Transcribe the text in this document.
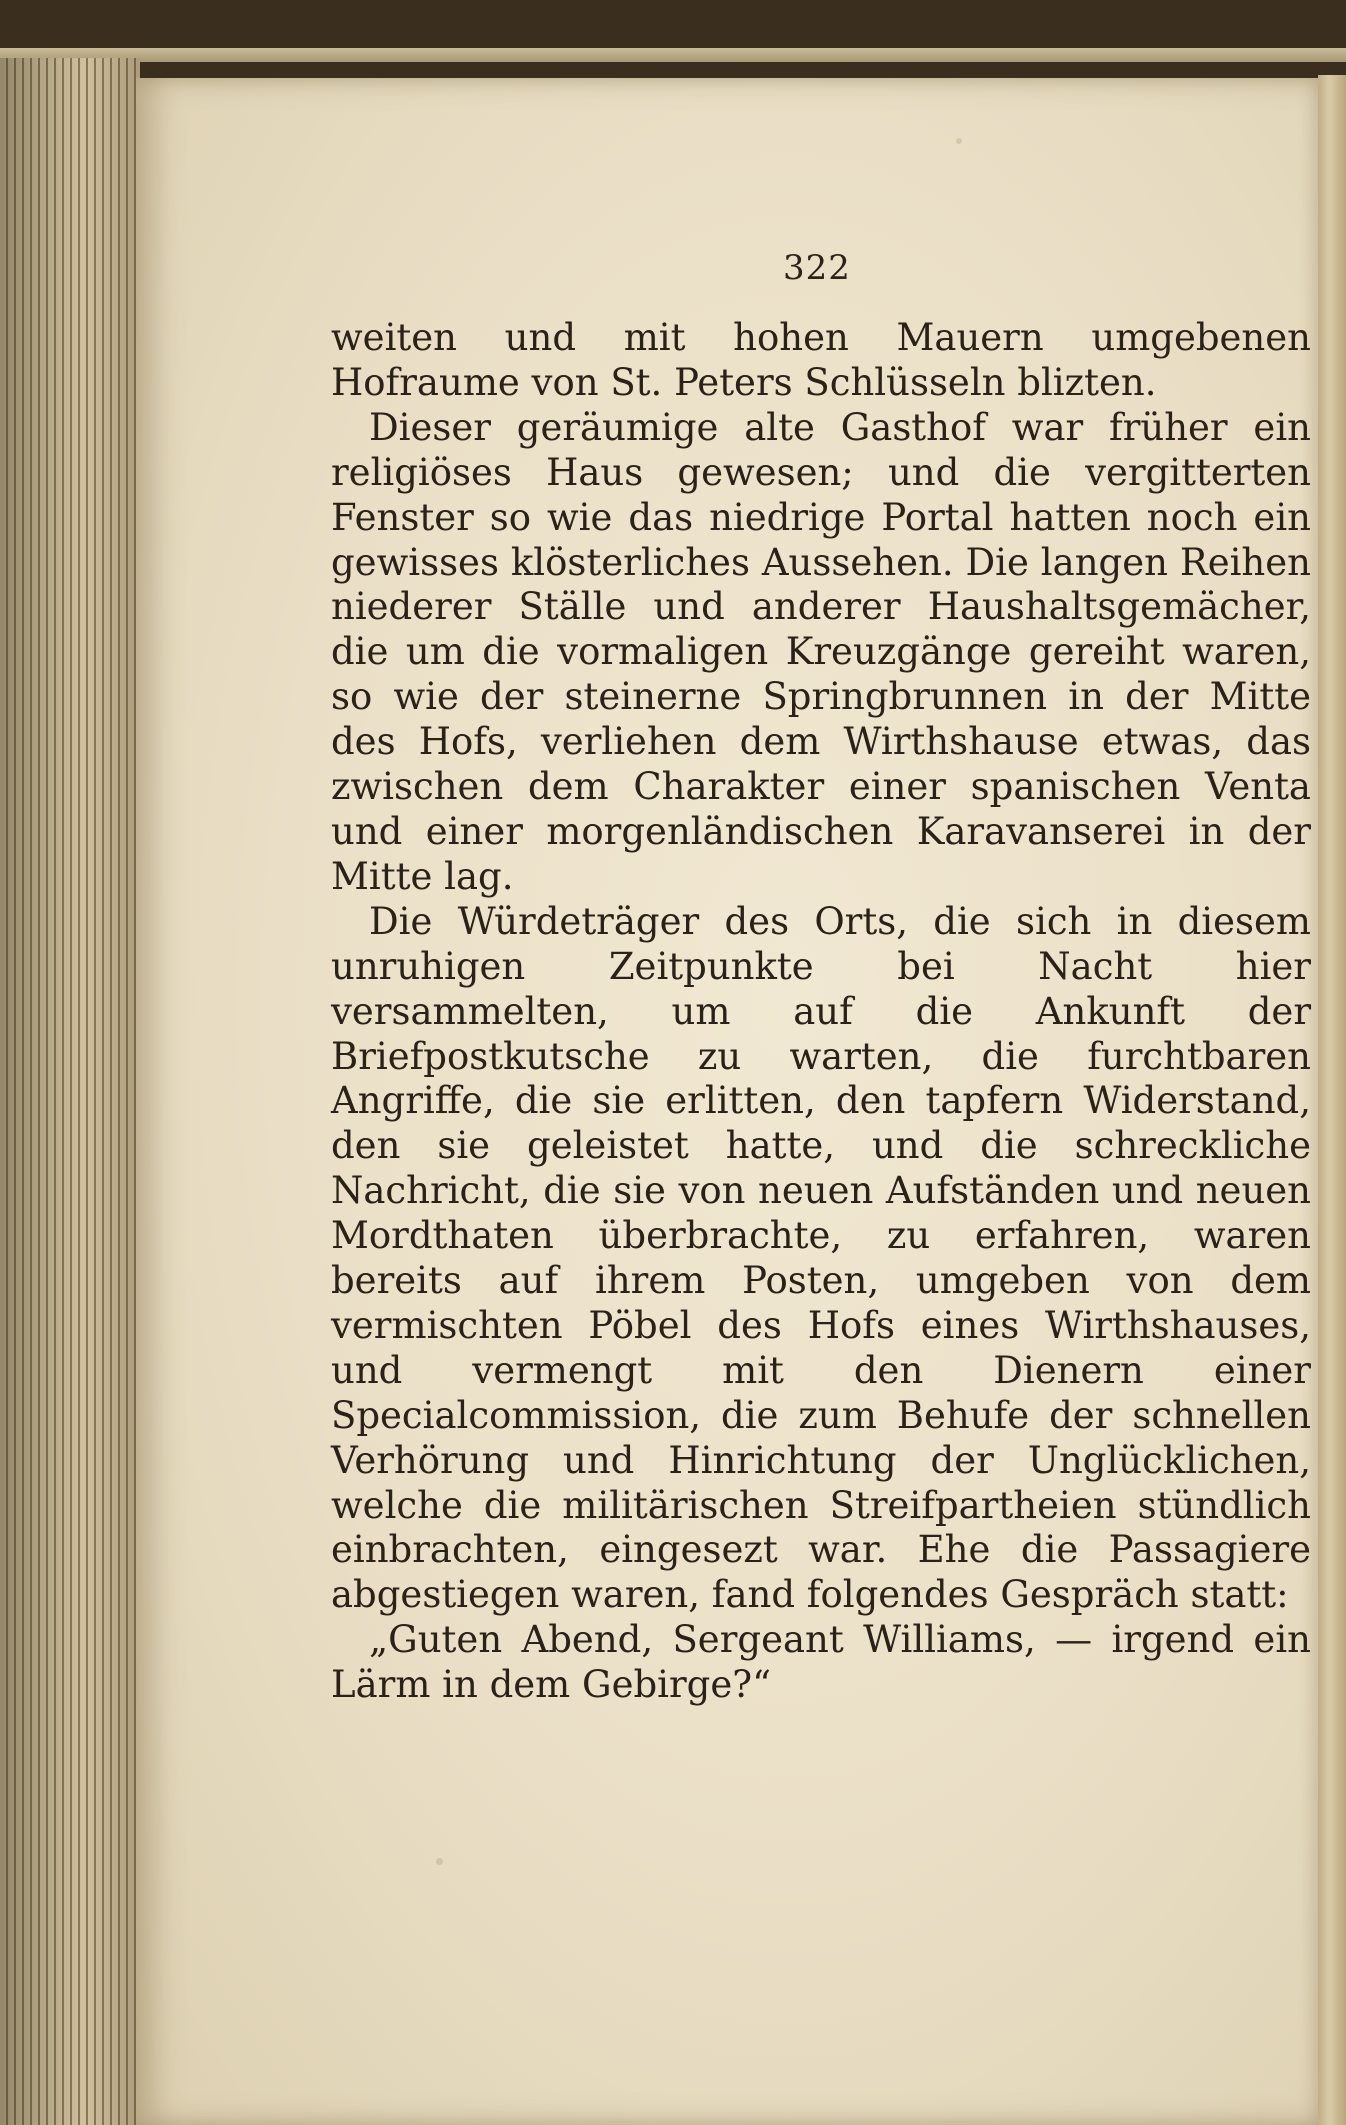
322

weiten und mit hohen Mauern umgebenen Hofraume von St. Peters Schlüsseln blizten.

Dieser geräumige alte Gasthof war früher ein religiöses Haus gewesen; und die vergitterten Fenster so wie das niedrige Portal hatten noch ein gewisses klösterliches Aussehen. Die langen Reihen niederer Ställe und anderer Haushaltsgemächer, die um die vormaligen Kreuzgänge gereiht waren, so wie der steinerne Springbrunnen in der Mitte des Hofs, verliehen dem Wirthshause etwas, das zwischen dem Charakter einer spanischen Venta und einer morgenländischen Karavanserei in der Mitte lag.

Die Würdeträger des Orts, die sich in diesem unruhigen Zeitpunkte bei Nacht hier versammelten, um auf die Ankunft der Briefpostkutsche zu warten, die furchtbaren Angriffe, die sie erlitten, den tapfern Widerstand, den sie geleistet hatte, und die schreckliche Nachricht, die sie von neuen Aufständen und neuen Mordthaten überbrachte, zu erfahren, waren bereits auf ihrem Posten, umgeben von dem vermischten Pöbel des Hofs eines Wirthshauses, und vermengt mit den Dienern einer Specialcommission, die zum Behufe der schnellen Verhörung und Hinrichtung der Unglücklichen, welche die militärischen Streifpartheien stündlich einbrachten, eingesezt war. Ehe die Passagiere abgestiegen waren, fand folgendes Gespräch statt:

„Guten Abend, Sergeant Williams, — irgend ein Lärm in dem Gebirge?“
